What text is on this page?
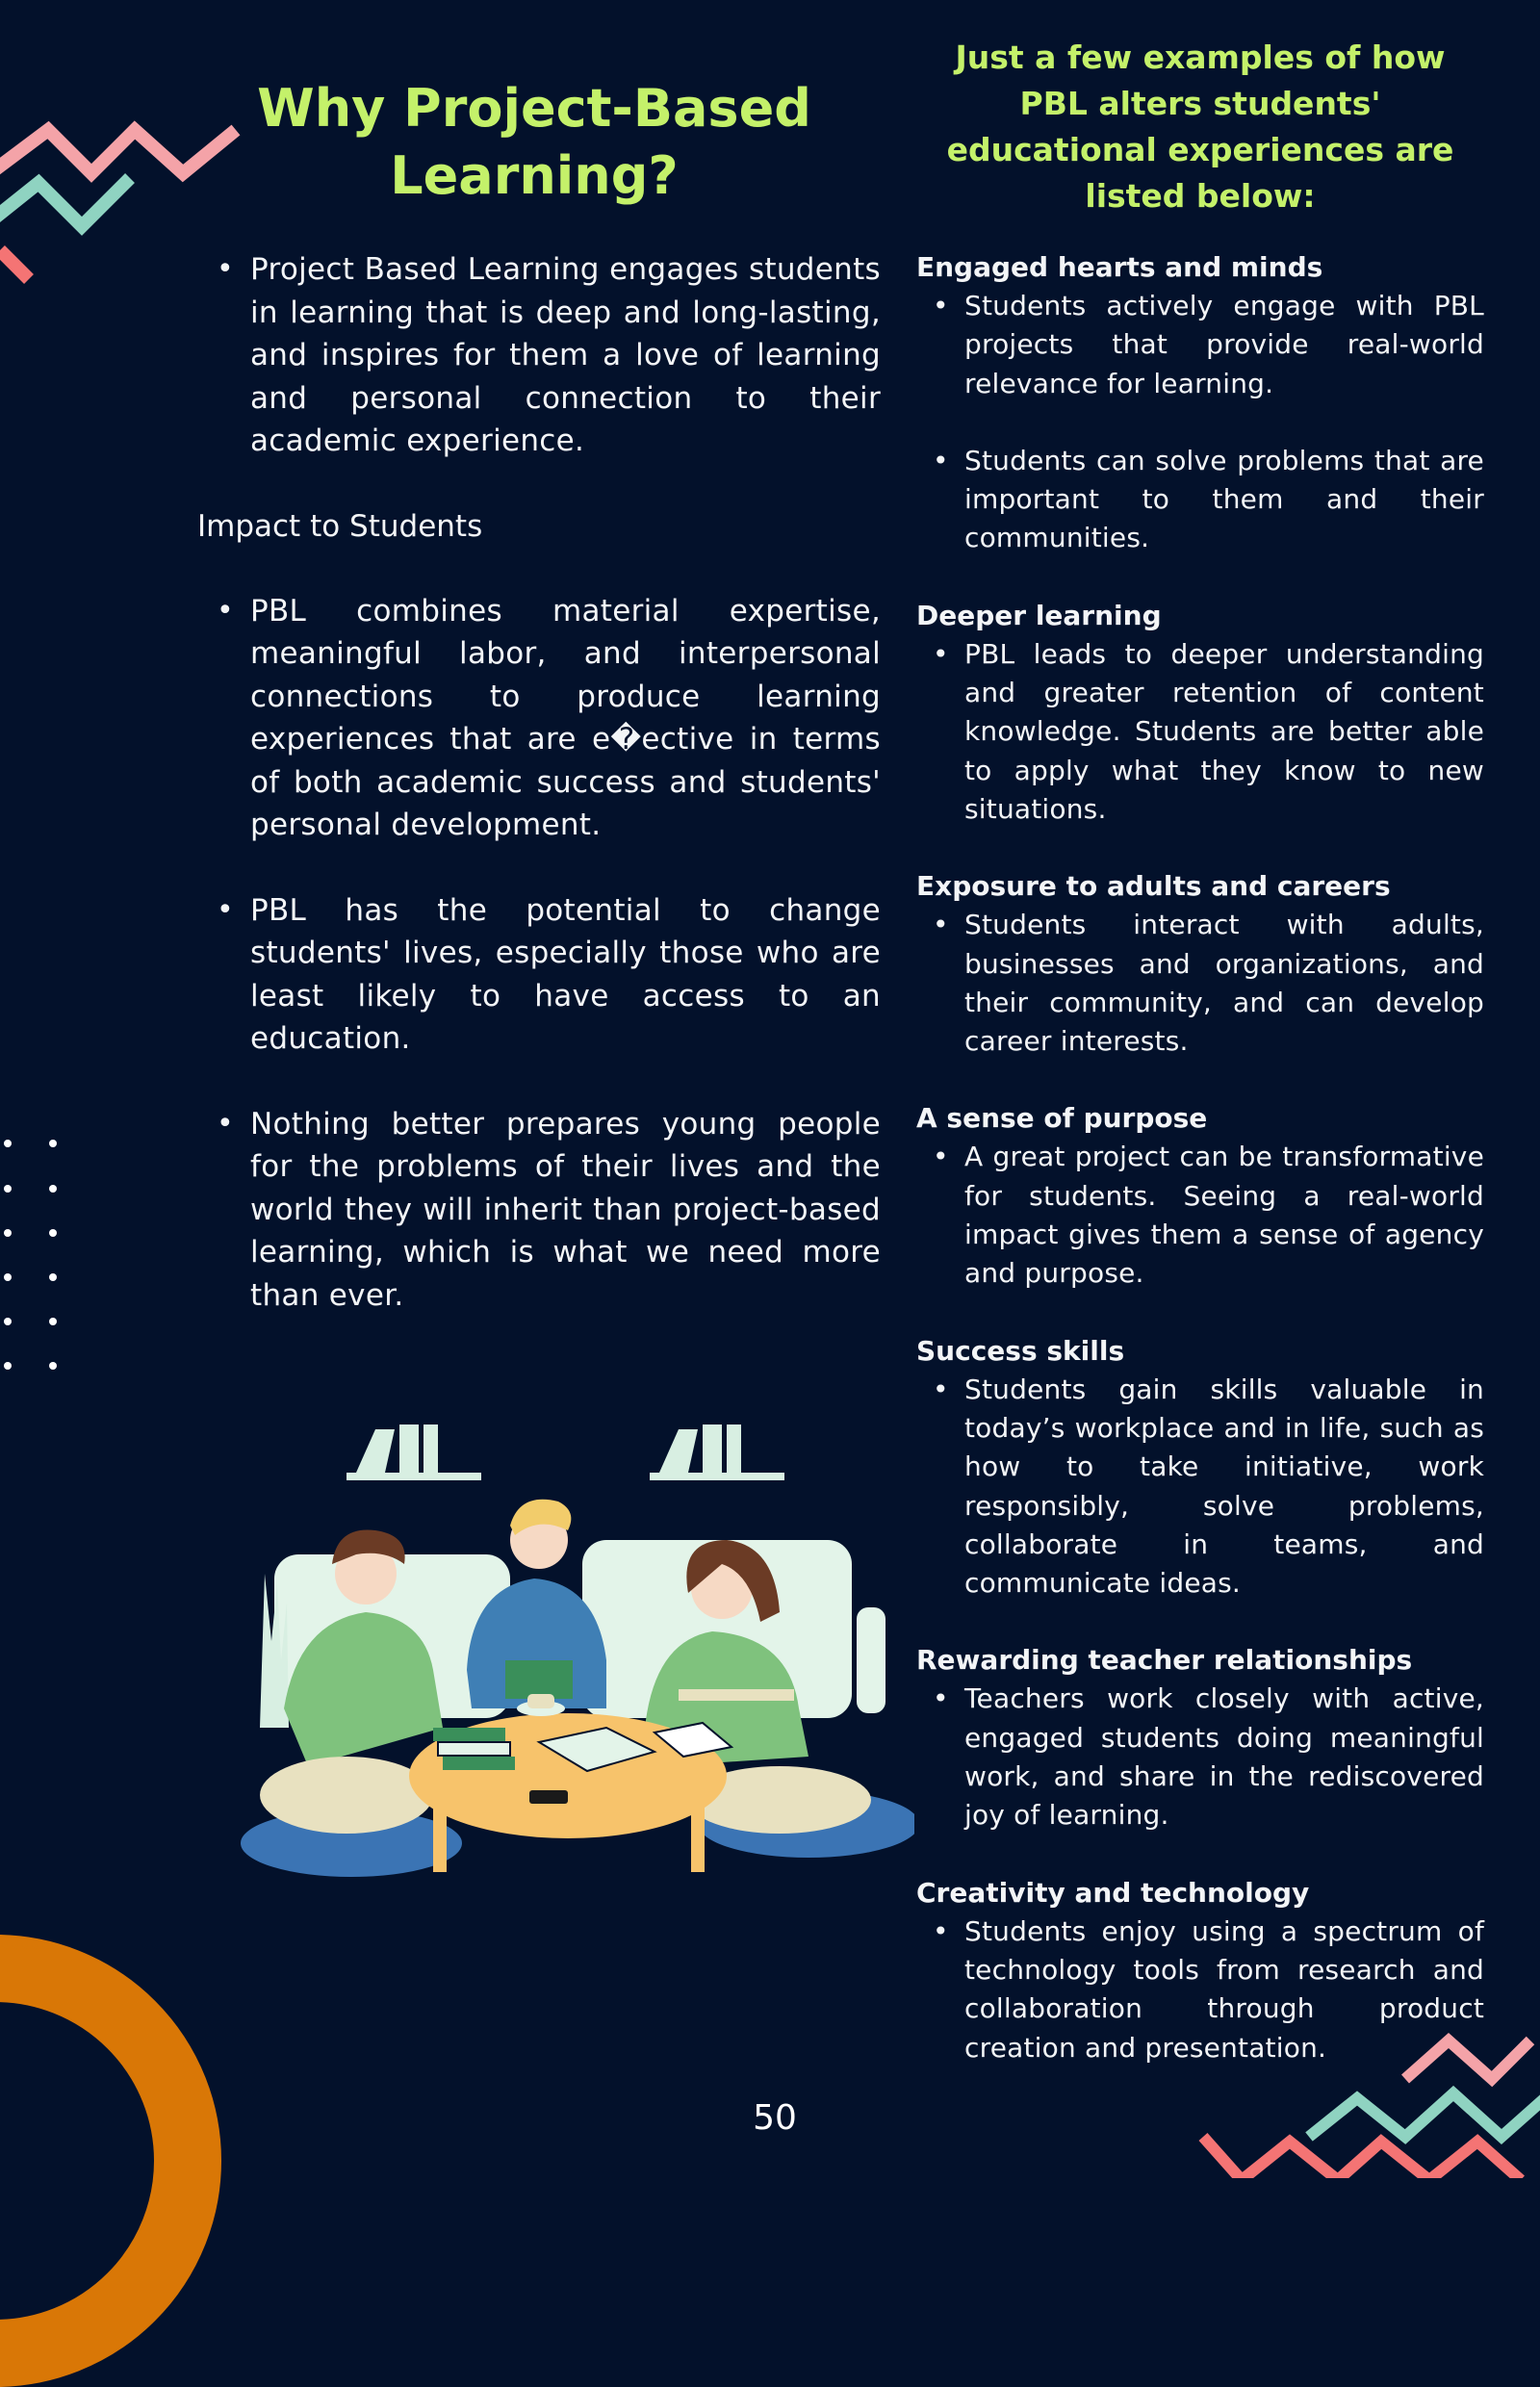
Why Project-Based Learning?
• Project Based Learning engages students in learning that is deep and long-lasting, and inspires for them a love of learning and personal connection to their academic experience.
Impact to Students
• PBL combines material expertise, meaningful labor, and interpersonal connections to produce learning experiences that are e�ective in terms of both academic success and students' personal development.
• PBL has the potential to change students' lives, especially those who are least likely to have access to an education.
• Nothing better prepares young people for the problems of their lives and the world they will inherit than project-based learning, which is what we need more than ever.
Just a few examples of how PBL alters students' educational experiences are listed below:
Engaged hearts and minds
• Students actively engage with PBL projects that provide real-world relevance for learning.
• Students can solve problems that are important to them and their communities.
Deeper learning
• PBL leads to deeper understanding and greater retention of content knowledge. Students are better able to apply what they know to new situations.
Exposure to adults and careers
• Students interact with adults, businesses and organizations, and their community, and can develop career interests.
A sense of purpose
• A great project can be transformative for students. Seeing a real-world impact gives them a sense of agency and purpose.
Success skills
• Students gain skills valuable in today’s workplace and in life, such as how to take initiative, work responsibly, solve problems, collaborate in teams, and communicate ideas.
Rewarding teacher relationships
• Teachers work closely with active, engaged students doing meaningful work, and share in the rediscovered joy of learning.
Creativity and technology
• Students enjoy using a spectrum of technology tools from research and collaboration through product creation and presentation.
50
